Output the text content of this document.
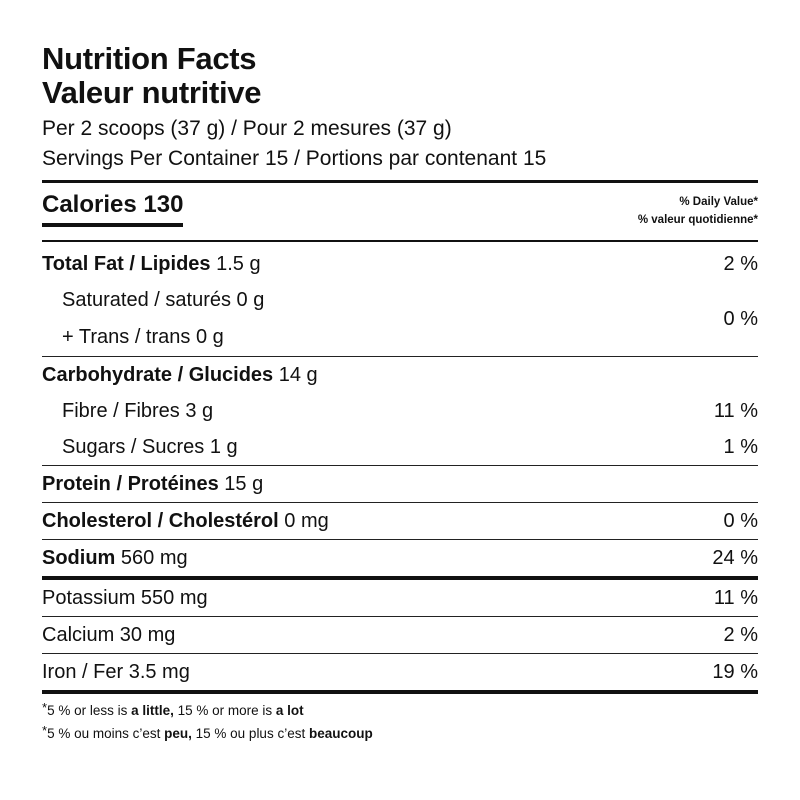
Nutrition Facts
Valeur nutritive
Per 2 scoops (37 g) / Pour 2 mesures (37 g)
Servings Per Container 15 / Portions par contenant 15
Calories 130	% Daily Value*
% valeur quotidienne*
Total Fat / Lipides 1.5 g	2 %
Saturated / saturés 0 g
+ Trans / trans 0 g
0 %
Carbohydrate / Glucides 14 g
Fibre / Fibres 3 g	11 %
Sugars / Sucres 1 g	1 %
Protein / Protéines 15 g
Cholesterol / Cholestérol 0 mg	0 %
Sodium 560 mg	24 %
Potassium 550 mg	11 %
Calcium 30 mg	2 %
Iron / Fer 3.5 mg	19 %
*5 % or less is a little, 15 % or more is a lot
*5 % ou moins c’est peu, 15 % ou plus c’est beaucoup
